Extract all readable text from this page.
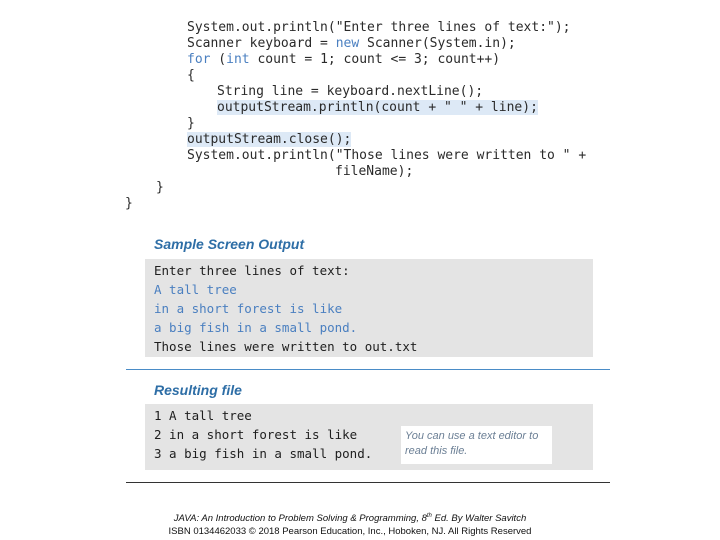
System.out.println("Enter three lines of text:");
Scanner keyboard = new Scanner(System.in);
for (int count = 1; count <= 3; count++)
{
String line = keyboard.nextLine();
outputStream.println(count + " " + line);
}
outputStream.close();
System.out.println("Those lines were written to " +
fileName);
}
}
Sample Screen Output
Enter three lines of text:
A tall tree
in a short forest is like
a big fish in a small pond.
Those lines were written to out.txt
Resulting file
1 A tall tree
2 in a short forest is like
3 a big fish in a small pond.
You can use a text editor to
read this file.
JAVA: An Introduction to Problem Solving & Programming, 8th Ed. By Walter Savitch
ISBN 0134462033 © 2018 Pearson Education, Inc., Hoboken, NJ. All Rights Reserved
